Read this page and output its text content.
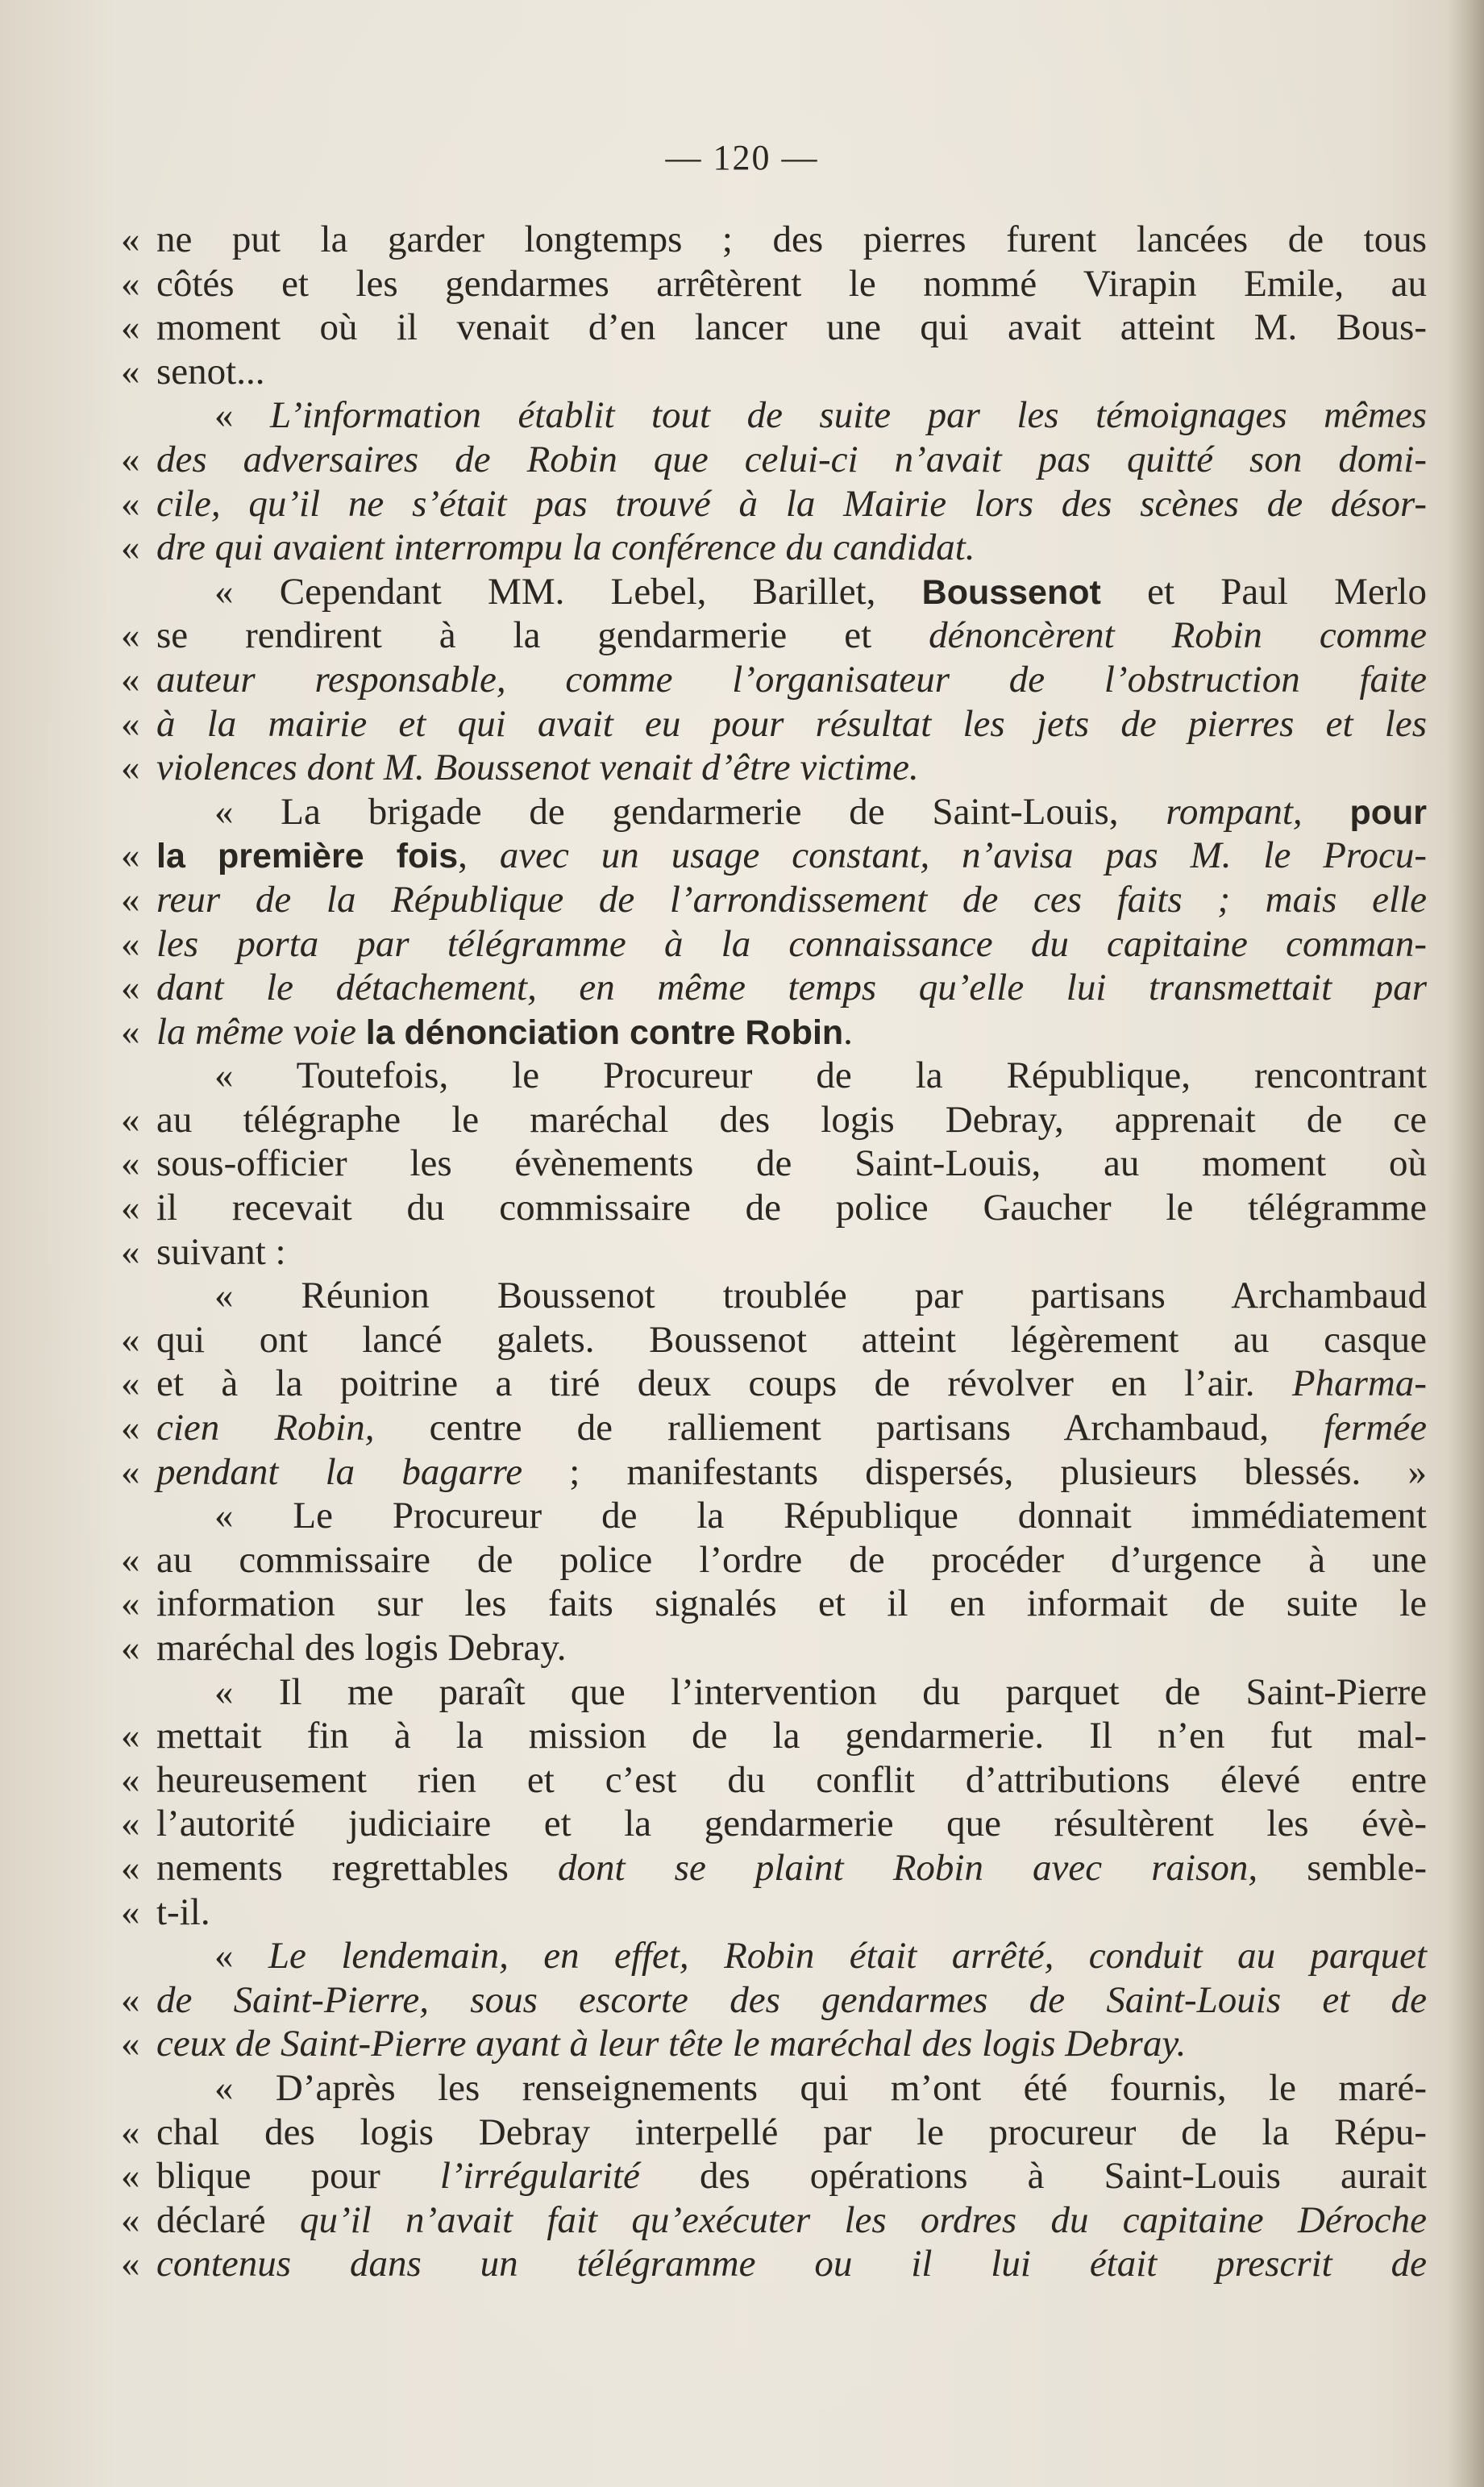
— 120 —
« ne put la garder longtemps ; des pierres furent lancées de tous
« côtés et les gendarmes arrêtèrent le nommé Virapin Emile, au
« moment où il venait d’en lancer une qui avait atteint M. Bous-
« senot...
« L’information établit tout de suite par les témoignages mêmes
« des adversaires de Robin que celui-ci n’avait pas quitté son domi-
« cile, qu’il ne s’était pas trouvé à la Mairie lors des scènes de désor-
« dre qui avaient interrompu la conférence du candidat.
« Cependant MM. Lebel, Barillet, Boussenot et Paul Merlo
« se rendirent à la gendarmerie et dénoncèrent Robin comme
« auteur responsable, comme l’organisateur de l’obstruction faite
« à la mairie et qui avait eu pour résultat les jets de pierres et les
« violences dont M. Boussenot venait d’être victime.
« La brigade de gendarmerie de Saint-Louis, rompant, pour
« la première fois, avec un usage constant, n’avisa pas M. le Procu-
« reur de la République de l’arrondissement de ces faits ; mais elle
« les porta par télégramme à la connaissance du capitaine comman-
« dant le détachement, en même temps qu’elle lui transmettait par
« la même voie la dénonciation contre Robin.
« Toutefois, le Procureur de la République, rencontrant
« au télégraphe le maréchal des logis Debray, apprenait de ce
« sous-officier les évènements de Saint-Louis, au moment où
« il recevait du commissaire de police Gaucher le télégramme
« suivant :
« Réunion Boussenot troublée par partisans Archambaud
« qui ont lancé galets. Boussenot atteint légèrement au casque
« et à la poitrine a tiré deux coups de révolver en l’air. Pharma-
« cien Robin, centre de ralliement partisans Archambaud, fermée
« pendant la bagarre ; manifestants dispersés, plusieurs blessés. »
« Le Procureur de la République donnait immédiatement
« au commissaire de police l’ordre de procéder d’urgence à une
« information sur les faits signalés et il en informait de suite le
« maréchal des logis Debray.
« Il me paraît que l’intervention du parquet de Saint-Pierre
« mettait fin à la mission de la gendarmerie. Il n’en fut mal-
« heureusement rien et c’est du conflit d’attributions élevé entre
« l’autorité judiciaire et la gendarmerie que résultèrent les évè-
« nements regrettables dont se plaint Robin avec raison, semble-
« t-il.
« Le lendemain, en effet, Robin était arrêté, conduit au parquet
« de Saint-Pierre, sous escorte des gendarmes de Saint-Louis et de
« ceux de Saint-Pierre ayant à leur tête le maréchal des logis Debray.
« D’après les renseignements qui m’ont été fournis, le maré-
« chal des logis Debray interpellé par le procureur de la Répu-
« blique pour l’irrégularité des opérations à Saint-Louis aurait
« déclaré qu’il n’avait fait qu’exécuter les ordres du capitaine Déroche
« contenus dans un télégramme ou il lui était prescrit de
